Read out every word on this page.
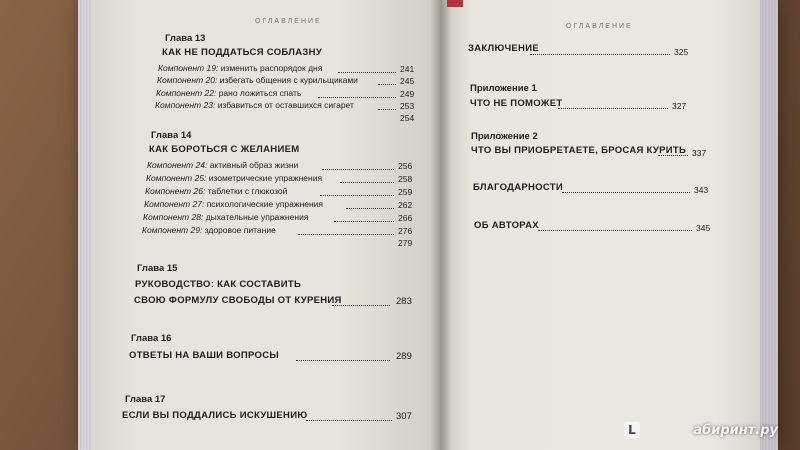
ОГЛАВЛЕНИЕ
Глава 13
КАК НЕ ПОДДАТЬСЯ СОБЛАЗНУ
Компонент 19: изменить распорядок дня	241
Компонент 20: избегать общения с курильщиками	245
Компонент 22: рано ложиться спать	249
Компонент 23: избавиться от оставшихся сигарет	253
254
Глава 14
КАК БОРОТЬСЯ С ЖЕЛАНИЕМ
Компонент 24: активный образ жизни	256
Компонент 25: изометрические упражнения	258
Компонент 26: таблетки с глюкозой	259
Компонент 27: психологические упражнения	262
Компонент 28: дыхательные упражнения	266
Компонент 29: здоровое питание	276
279
Глава 15
РУКОВОДСТВО: КАК СОСТАВИТЬ
СВОЮ ФОРМУЛУ СВОБОДЫ ОТ КУРЕНИЯ	283
Глава 16
ОТВЕТЫ НА ВАШИ ВОПРОСЫ	289
Глава 17
ЕСЛИ ВЫ ПОДДАЛИСЬ ИСКУШЕНИЮ	307
ОГЛАВЛЕНИЕ
ЗАКЛЮЧЕНИЕ	325
Приложение 1
ЧТО НЕ ПОМОЖЕТ	327
Приложение 2
ЧТО ВЫ ПРИОБРЕТАЕТЕ, БРОСАЯ КУРИТЬ 337
БЛАГОДАРНОСТИ	343
ОБ АВТОРАХ	345
L	абиринт.ру
